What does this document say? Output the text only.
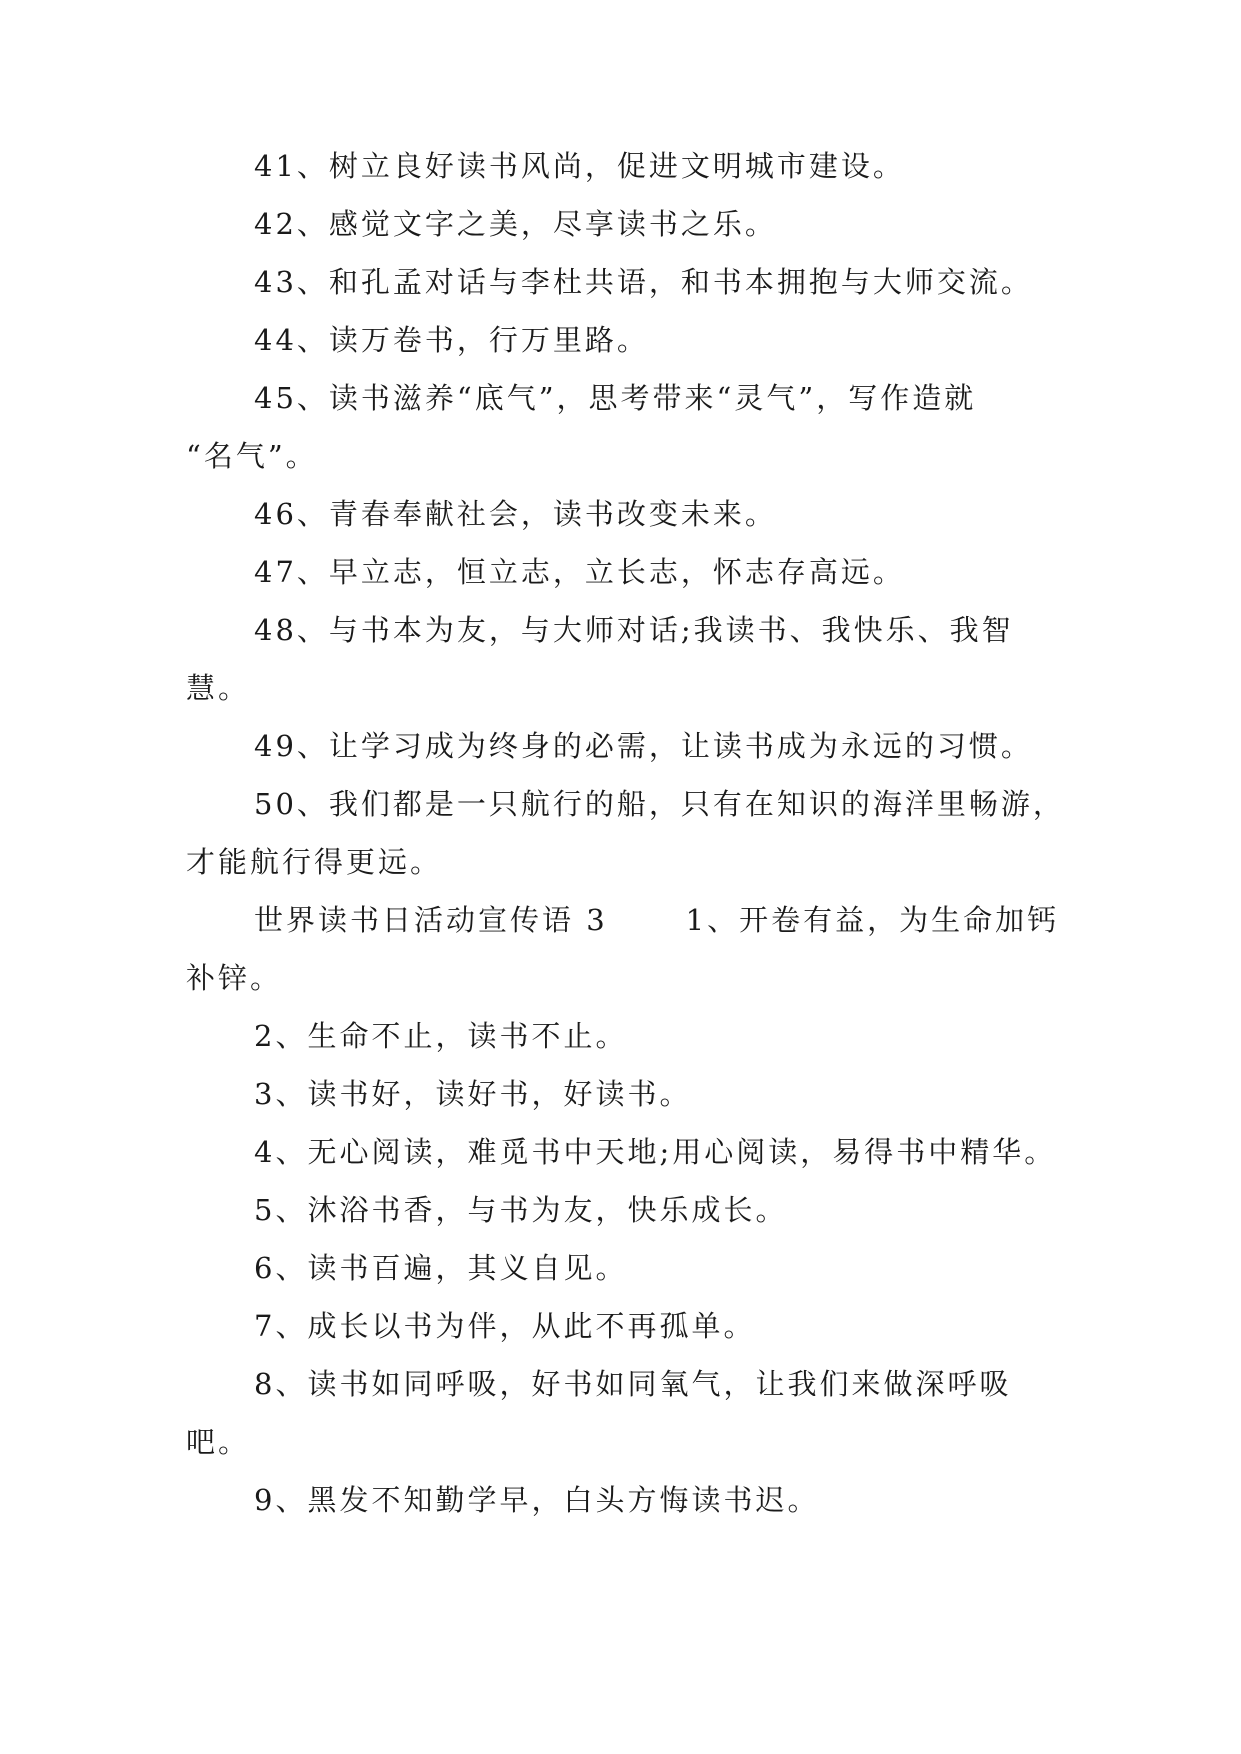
41、树立良好读书风尚，促进文明城市建设。
42、感觉文字之美，尽享读书之乐。
43、和孔孟对话与李杜共语，和书本拥抱与大师交流。
44、读万卷书，行万里路。
45、读书滋养“底气”，思考带来“灵气”，写作造就
“名气”。
46、青春奉献社会，读书改变未来。
47、早立志，恒立志，立长志，怀志存高远。
48、与书本为友，与大师对话;我读书、我快乐、我智
慧。
49、让学习成为终身的必需，让读书成为永远的习惯。
50、我们都是一只航行的船，只有在知识的海洋里畅游，
才能航行得更远。
世界读书日活动宣传语 3	1、开卷有益，为生命加钙
补锌。
2、生命不止，读书不止。
3、读书好，读好书，好读书。
4、无心阅读，难觅书中天地;用心阅读，易得书中精华。
5、沐浴书香，与书为友，快乐成长。
6、读书百遍，其义自见。
7、成长以书为伴，从此不再孤单。
8、读书如同呼吸，好书如同氧气，让我们来做深呼吸
吧。
9、黑发不知勤学早，白头方悔读书迟。
